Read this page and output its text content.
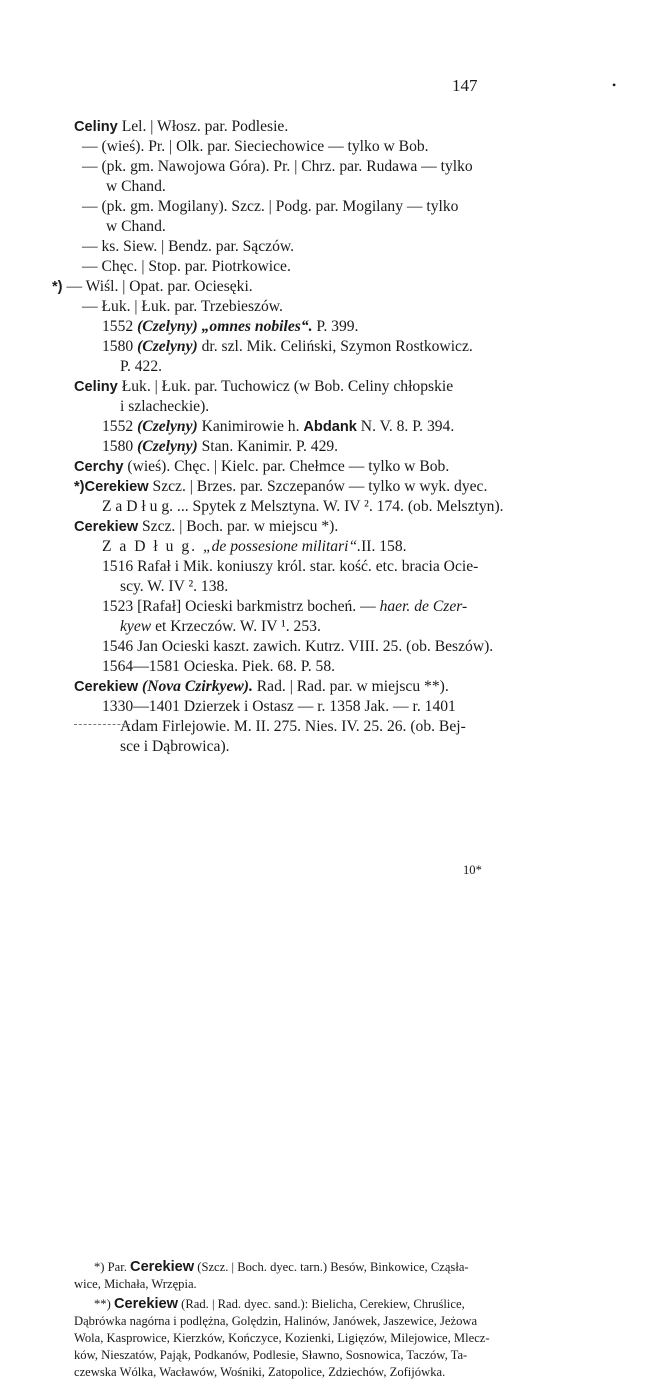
147	•
Celiny Lel. | Włosz. par. Podlesie.
— (wieś). Pr. | Olk. par. Sieciechowice — tylko w Bob.
— (pk. gm. Nawojowa Góra). Pr. | Chrz. par. Rudawa — tylko
w Chand.
— (pk. gm. Mogilany). Szcz. | Podg. par. Mogilany — tylko
w Chand.
— ks. Siew. | Bendz. par. Sączów.
— Chęc. | Stop. par. Piotrkowice.
*) — Wiśl. | Opat. par. Ociesęki.
— Łuk. | Łuk. par. Trzebieszów.
1552 (Czelyny) „omnes nobiles“. P. 399.
1580 (Czelyny) dr. szl. Mik. Celiński, Szymon Rostkowicz.
P. 422.
Celiny Łuk. | Łuk. par. Tuchowicz (w Bob. Celiny chłopskie
i szlacheckie).
1552 (Czelyny) Kanimirowie h. Abdank N. V. 8. P. 394.
1580 (Czelyny) Stan. Kanimir. P. 429.
Cerchy (wieś). Chęc. | Kielc. par. Chełmce — tylko w Bob.
*)Cerekiew Szcz. | Brzes. par. Szczepanów — tylko w wyk. dyec.
Z a D ł u g. ... Spytek z Melsztyna. W. IV ². 174. (ob. Melsztyn).
Cerekiew Szcz. | Boch. par. w miejscu *).
Z a D ł u g. „de possesione militari“.II. 158.
1516 Rafał i Mik. koniuszy król. star. kość. etc. bracia Ocie-
scy. W. IV ². 138.
1523 [Rafał] Ocieski barkmistrz bocheń. — haer. de Czer-
kyew et Krzeczów. W. IV ¹. 253.
1546 Jan Ocieski kaszt. zawich. Kutrz. VIII. 25. (ob. Beszów).
1564—1581 Ocieska. Piek. 68. P. 58.
Cerekiew (Nova Czirkyew). Rad. | Rad. par. w miejscu **).
1330—1401 Dzierzek i Ostasz — r. 1358 Jak. — r. 1401
Adam Firlejowie. M. II. 275. Nies. IV. 25. 26. (ob. Bej-
sce i Dąbrowica).
*) Par. Cerekiew (Szcz. | Boch. dyec. tarn.) Besów, Binkowice, Cząsła-
wice, Michała, Wrzępia.
**) Cerekiew (Rad. | Rad. dyec. sand.): Bielicha, Cerekiew, Chruślice,
Dąbrówka nagórna i podlężna, Golędzin, Halinów, Janówek, Jaszewice, Jeżowa
Wola, Kasprowice, Kierzków, Kończyce, Kozienki, Ligięzów, Milejowice, Mlecz-
ków, Nieszatów, Pająk, Podkanów, Podlesie, Sławno, Sosnowica, Taczów, Ta-
czewska Wólka, Wacławów, Wośniki, Zatopolice, Zdziechów, Zofijówka.
10*
